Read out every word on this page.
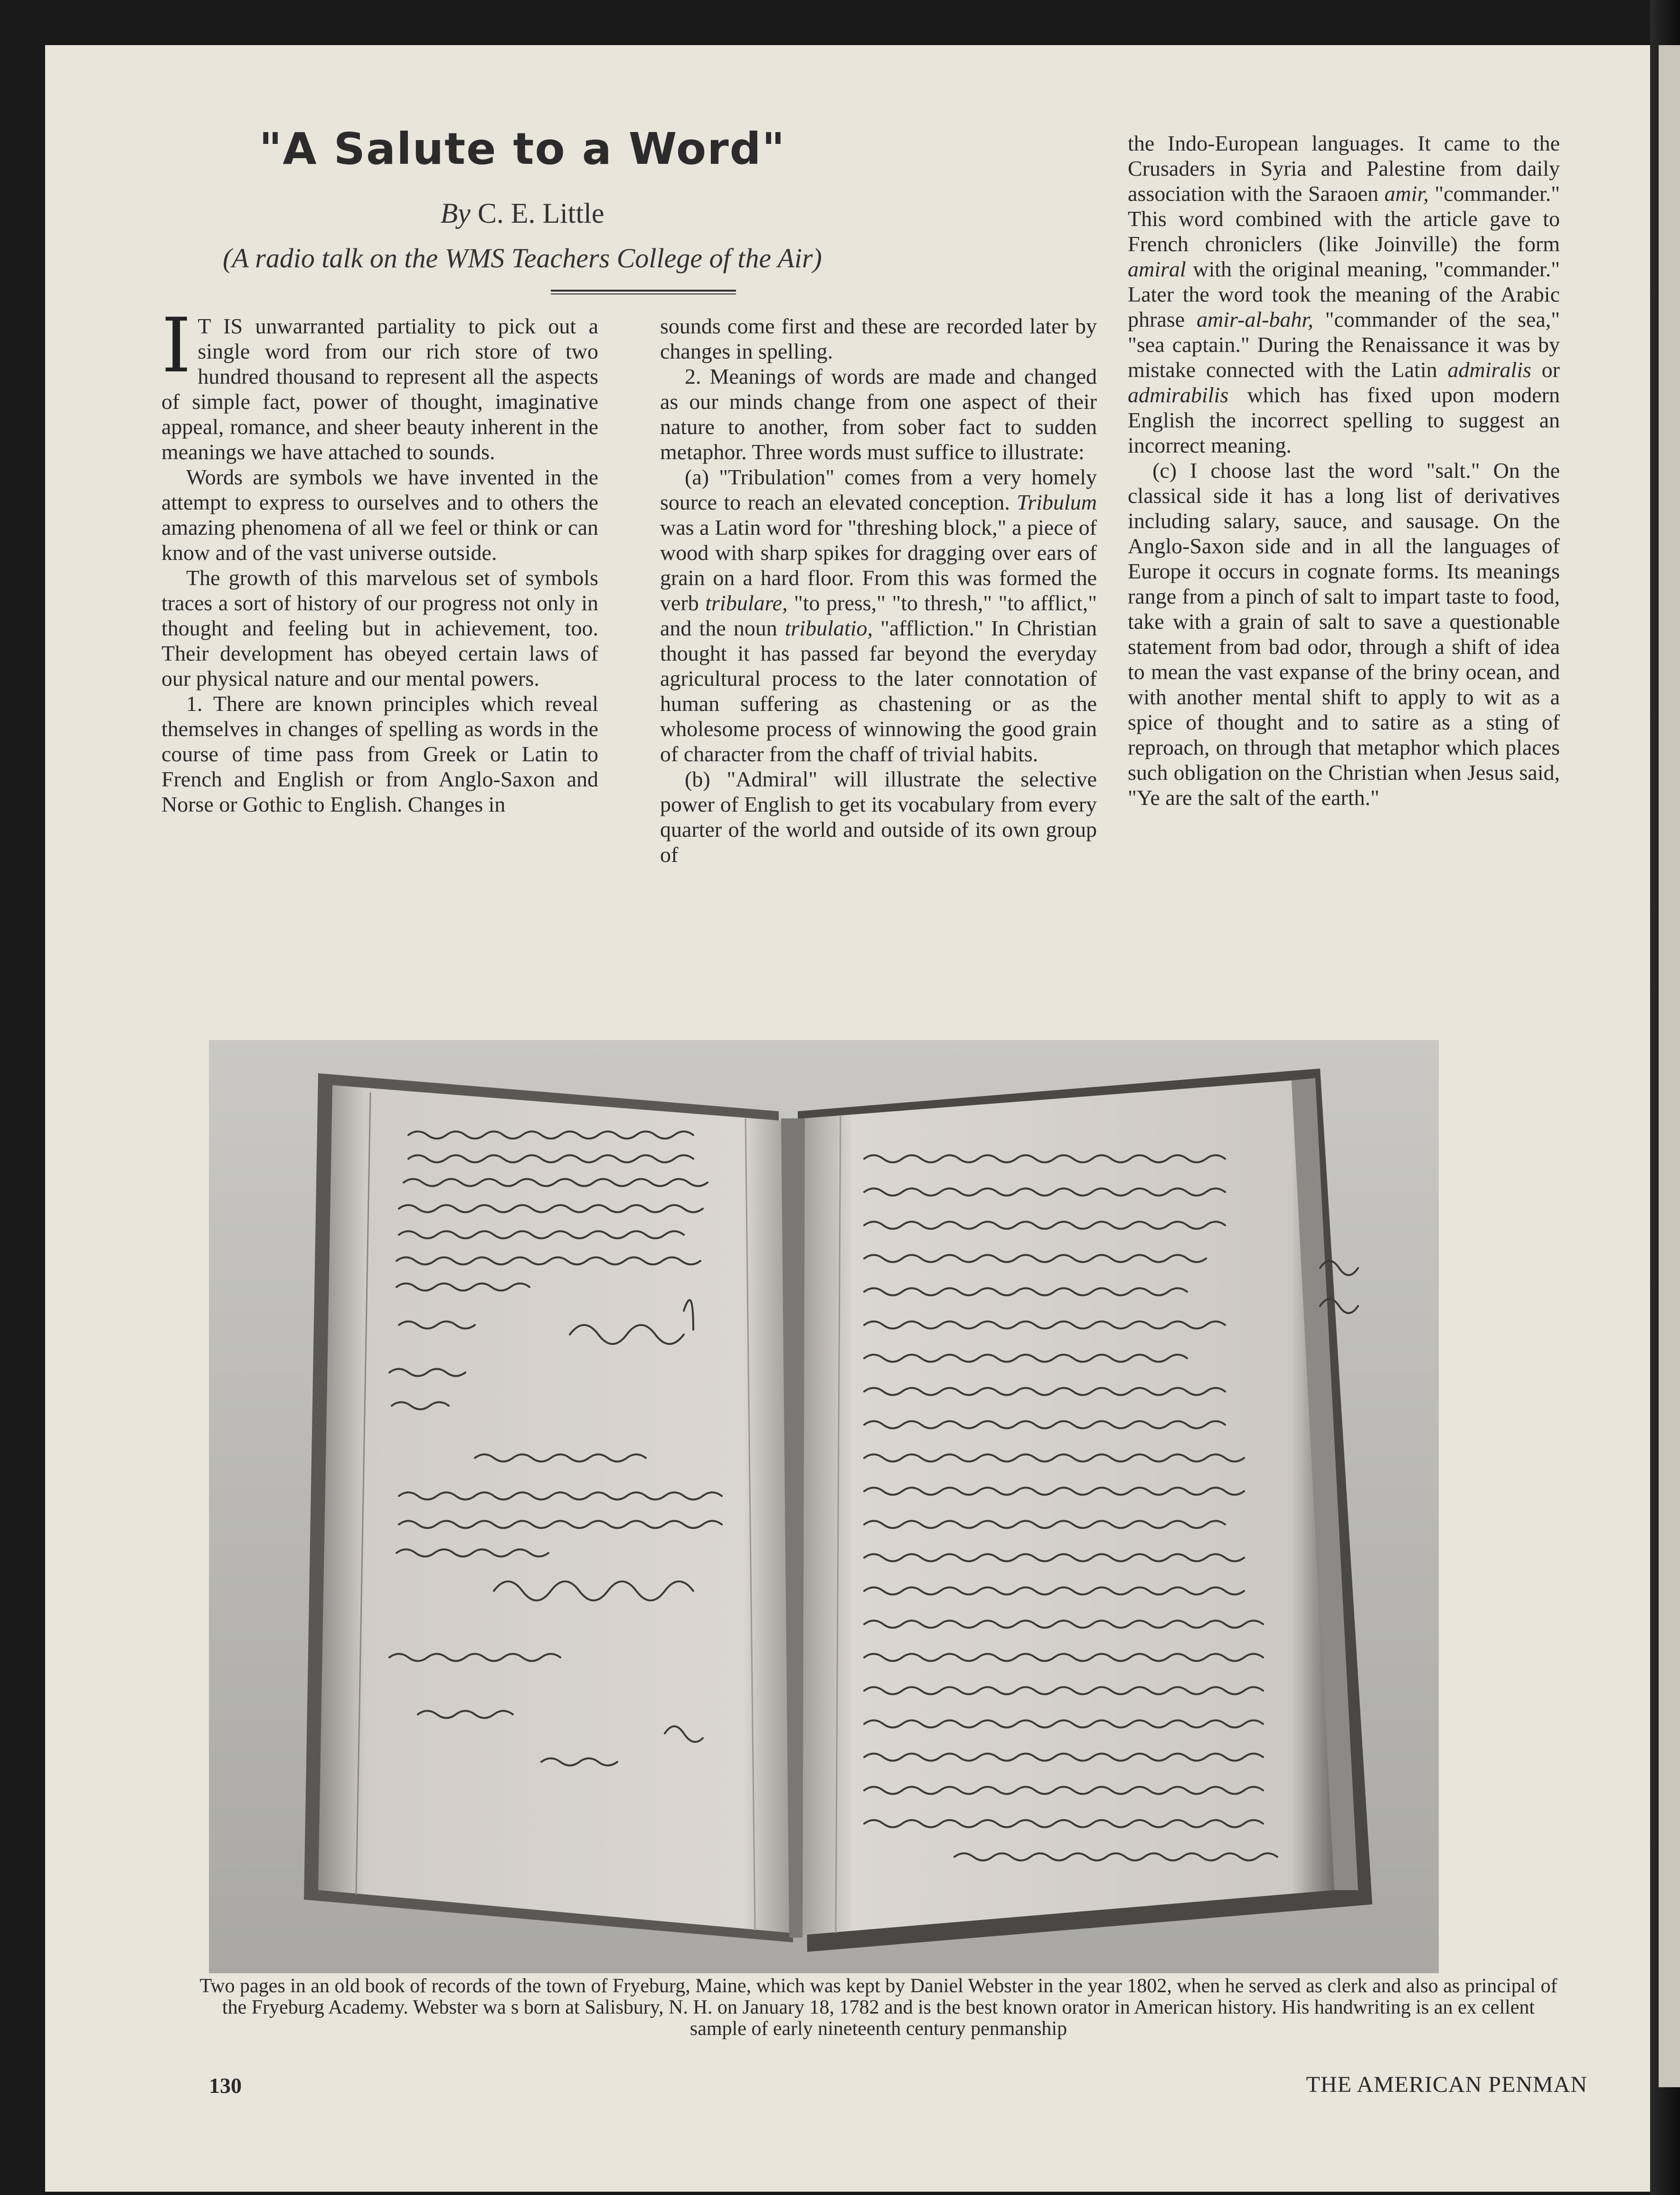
"A Salute to a Word"
By C. E. Little
(A radio talk on the WMS Teachers College of the Air)

I T IS unwarranted partiality to pick out a single word from our rich store of two hundred thousand to represent all the aspects of simple fact, power of thought, imaginative appeal, romance, and sheer beauty inherent in the meanings we have attached to sounds.

Words are symbols we have invented in the attempt to express to ourselves and to others the amazing phenomena of all we feel or think or can know and of the vast universe outside.

The growth of this marvelous set of symbols traces a sort of history of our progress not only in thought and feeling but in achievement, too. Their development has obeyed certain laws of our physical nature and our mental powers.

1. There are known principles which reveal themselves in changes of spelling as words in the course of time pass from Greek or Latin to French and English or from Anglo-Saxon and Norse or Gothic to English. Changes in

sounds come first and these are recorded later by changes in spelling.

2. Meanings of words are made and changed as our minds change from one aspect of their nature to another, from sober fact to sudden metaphor. Three words must suffice to illustrate:

(a) "Tribulation" comes from a very homely source to reach an elevated conception. Tribulum was a Latin word for "threshing block," a piece of wood with sharp spikes for dragging over ears of grain on a hard floor. From this was formed the verb tribulare, "to press," "to thresh," "to afflict," and the noun tribulatio, "affliction." In Christian thought it has passed far beyond the everyday agricultural process to the later connotation of human suffering as chastening or as the wholesome process of winnowing the good grain of character from the chaff of trivial habits.

(b) "Admiral" will illustrate the selective power of English to get its vocabulary from every quarter of the world and outside of its own group of

the Indo-European languages. It came to the Crusaders in Syria and Palestine from daily association with the Saraoen amir, "commander." This word combined with the article gave to French chroniclers (like Joinville) the form amiral with the original meaning, "commander." Later the word took the meaning of the Arabic phrase amir-al-bahr, "commander of the sea," "sea captain." During the Renaissance it was by mistake connected with the Latin admiralis or admirabilis which has fixed upon modern English the incorrect spelling to suggest an incorrect meaning.

(c) I choose last the word "salt." On the classical side it has a long list of derivatives including salary, sauce, and sausage. On the Anglo-Saxon side and in all the languages of Europe it occurs in cognate forms. Its meanings range from a pinch of salt to impart taste to food, take with a grain of salt to save a questionable statement from bad odor, through a shift of idea to mean the vast expanse of the briny ocean, and with another mental shift to apply to wit as a spice of thought and to satire as a sting of reproach, on through that metaphor which places such obligation on the Christian when Jesus said, "Ye are the salt of the earth."

Two pages in an old book of records of the town of Fryeburg, Maine, which was kept by Daniel Webster in the year 1802, when he served as clerk and also as principal of the Fryeburg Academy. Webster wa s born at Salisbury, N. H. on January 18, 1782 and is the best known orator in American history. His handwriting is an ex cellent sample of early nineteenth century penmanship
130	THE AMERICAN PENMAN
